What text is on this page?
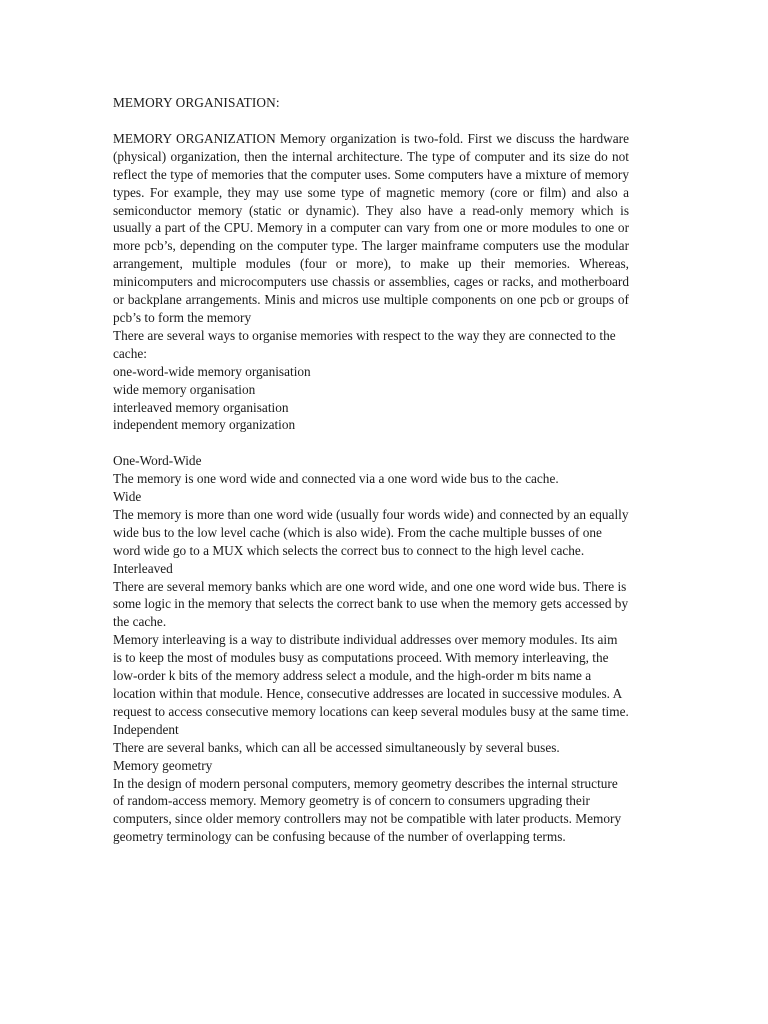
MEMORY ORGANISATION:

MEMORY ORGANIZATION Memory organization is two-fold. First we discuss the hardware (physical) organization, then the internal architecture. The type of computer and its size do not reflect the type of memories that the computer uses. Some computers have a mixture of memory types. For example, they may use some type of magnetic memory (core or film) and also a semiconductor memory (static or dynamic). They also have a read-only memory which is usually a part of the CPU. Memory in a computer can vary from one or more modules to one or more pcb’s, depending on the computer type. The larger mainframe computers use the modular arrangement, multiple modules (four or more), to make up their memories. Whereas, minicomputers and microcomputers use chassis or assemblies, cages or racks, and motherboard or backplane arrangements. Minis and micros use multiple components on one pcb or groups of pcb’s to form the memory

There are several ways to organise memories with respect to the way they are connected to the cache:

one-word-wide memory organisation
wide memory organisation
interleaved memory organisation
independent memory organization

One-Word-Wide

The memory is one word wide and connected via a one word wide bus to the cache.

Wide

The memory is more than one word wide (usually four words wide) and connected by an equally wide bus to the low level cache (which is also wide). From the cache multiple busses of one word wide go to a MUX which selects the correct bus to connect to the high level cache.

Interleaved

There are several memory banks which are one word wide, and one one word wide bus. There is some logic in the memory that selects the correct bank to use when the memory gets accessed by the cache.

Memory interleaving is a way to distribute individual addresses over memory modules. Its aim is to keep the most of modules busy as computations proceed. With memory interleaving, the low-order k bits of the memory address select a module, and the high-order m bits name a location within that module. Hence, consecutive addresses are located in successive modules. A request to access consecutive memory locations can keep several modules busy at the same time.

Independent

There are several banks, which can all be accessed simultaneously by several buses.

Memory geometry

In the design of modern personal computers, memory geometry describes the internal structure of random-access memory. Memory geometry is of concern to consumers upgrading their computers, since older memory controllers may not be compatible with later products. Memory geometry terminology can be confusing because of the number of overlapping terms.
